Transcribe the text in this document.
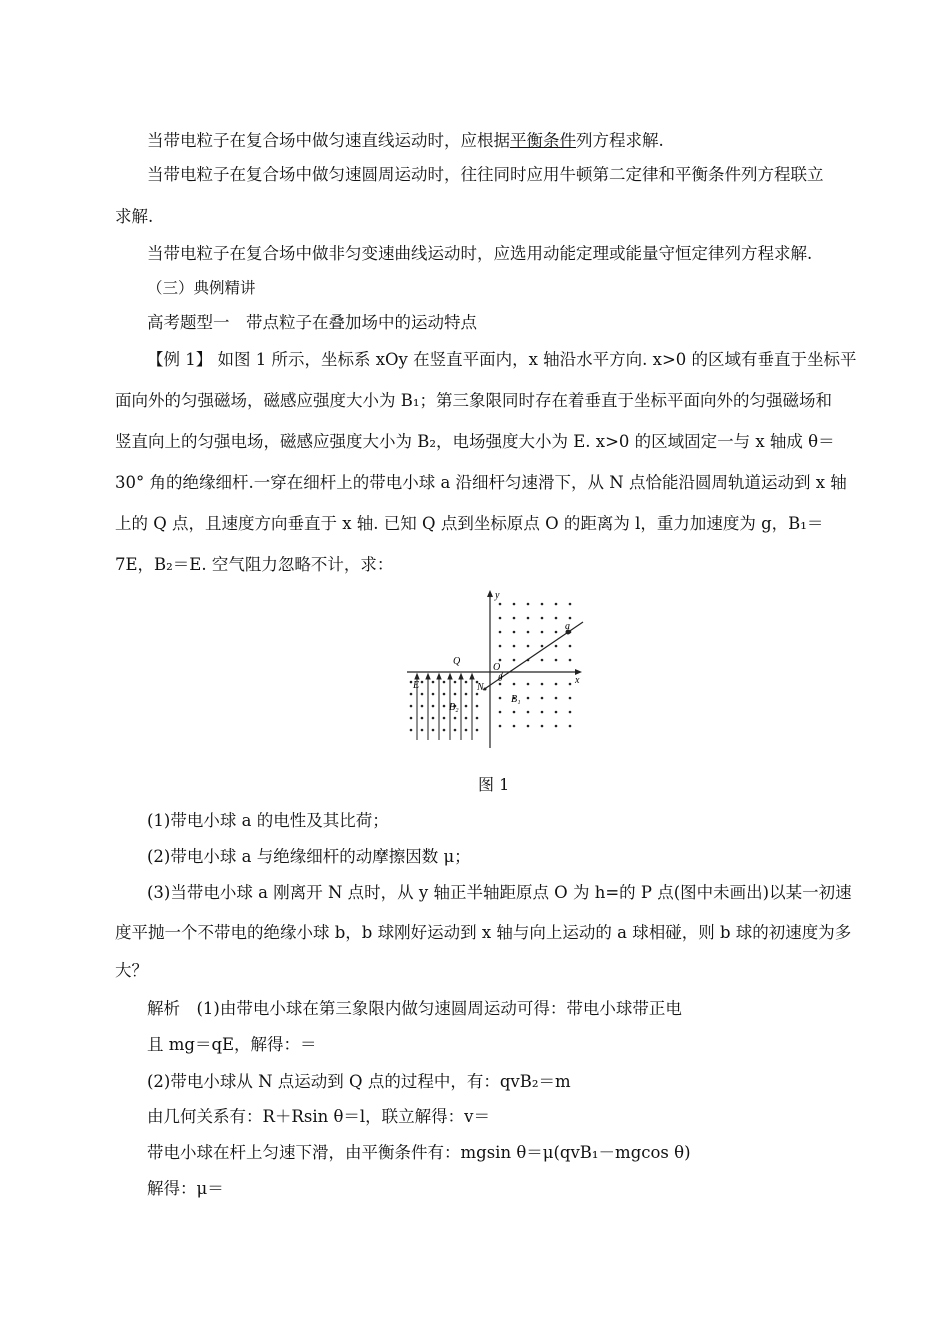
当带电粒子在复合场中做匀速直线运动时，应根据平衡条件列方程求解.
当带电粒子在复合场中做匀速圆周运动时，往往同时应用牛顿第二定律和平衡条件列方程联立
求解.
当带电粒子在复合场中做非匀变速曲线运动时，应选用动能定理或能量守恒定律列方程求解.
（三）典例精讲
高考题型一　带点粒子在叠加场中的运动特点
【例 1】 如图 1 所示，坐标系 xOy 在竖直平面内，x 轴沿水平方向. x>0 的区域有垂直于坐标平
面向外的匀强磁场，磁感应强度大小为 B₁；第三象限同时存在着垂直于坐标平面向外的匀强磁场和
竖直向上的匀强电场，磁感应强度大小为 B₂，电场强度大小为 E. x>0 的区域固定一与 x 轴成 θ＝
30° 角的绝缘细杆.一穿在细杆上的带电小球 a 沿细杆匀速滑下，从 N 点恰能沿圆周轨道运动到 x 轴
上的 Q 点，且速度方向垂直于 x 轴. 已知 Q 点到坐标原点 O 的距离为 l，重力加速度为 g，B₁＝
7E，B₂＝E. 空气阻力忽略不计，求：
y
x
O
Q
N
θ
a
E
B₁
B₂
图 1
(1)带电小球 a 的电性及其比荷；
(2)带电小球 a 与绝缘细杆的动摩擦因数 μ；
(3)当带电小球 a 刚离开 N 点时，从 y 轴正半轴距原点 O 为 h=的 P 点(图中未画出)以某一初速
度平抛一个不带电的绝缘小球 b，b 球刚好运动到 x 轴与向上运动的 a 球相碰，则 b 球的初速度为多
大？
解析　(1)由带电小球在第三象限内做匀速圆周运动可得：带电小球带正电
且 mg＝qE，解得：＝
(2)带电小球从 N 点运动到 Q 点的过程中，有：qvB₂＝m
由几何关系有：R＋Rsin θ＝l，联立解得：v＝
带电小球在杆上匀速下滑，由平衡条件有：mgsin θ＝μ(qvB₁－mgcos θ)
解得：μ＝
